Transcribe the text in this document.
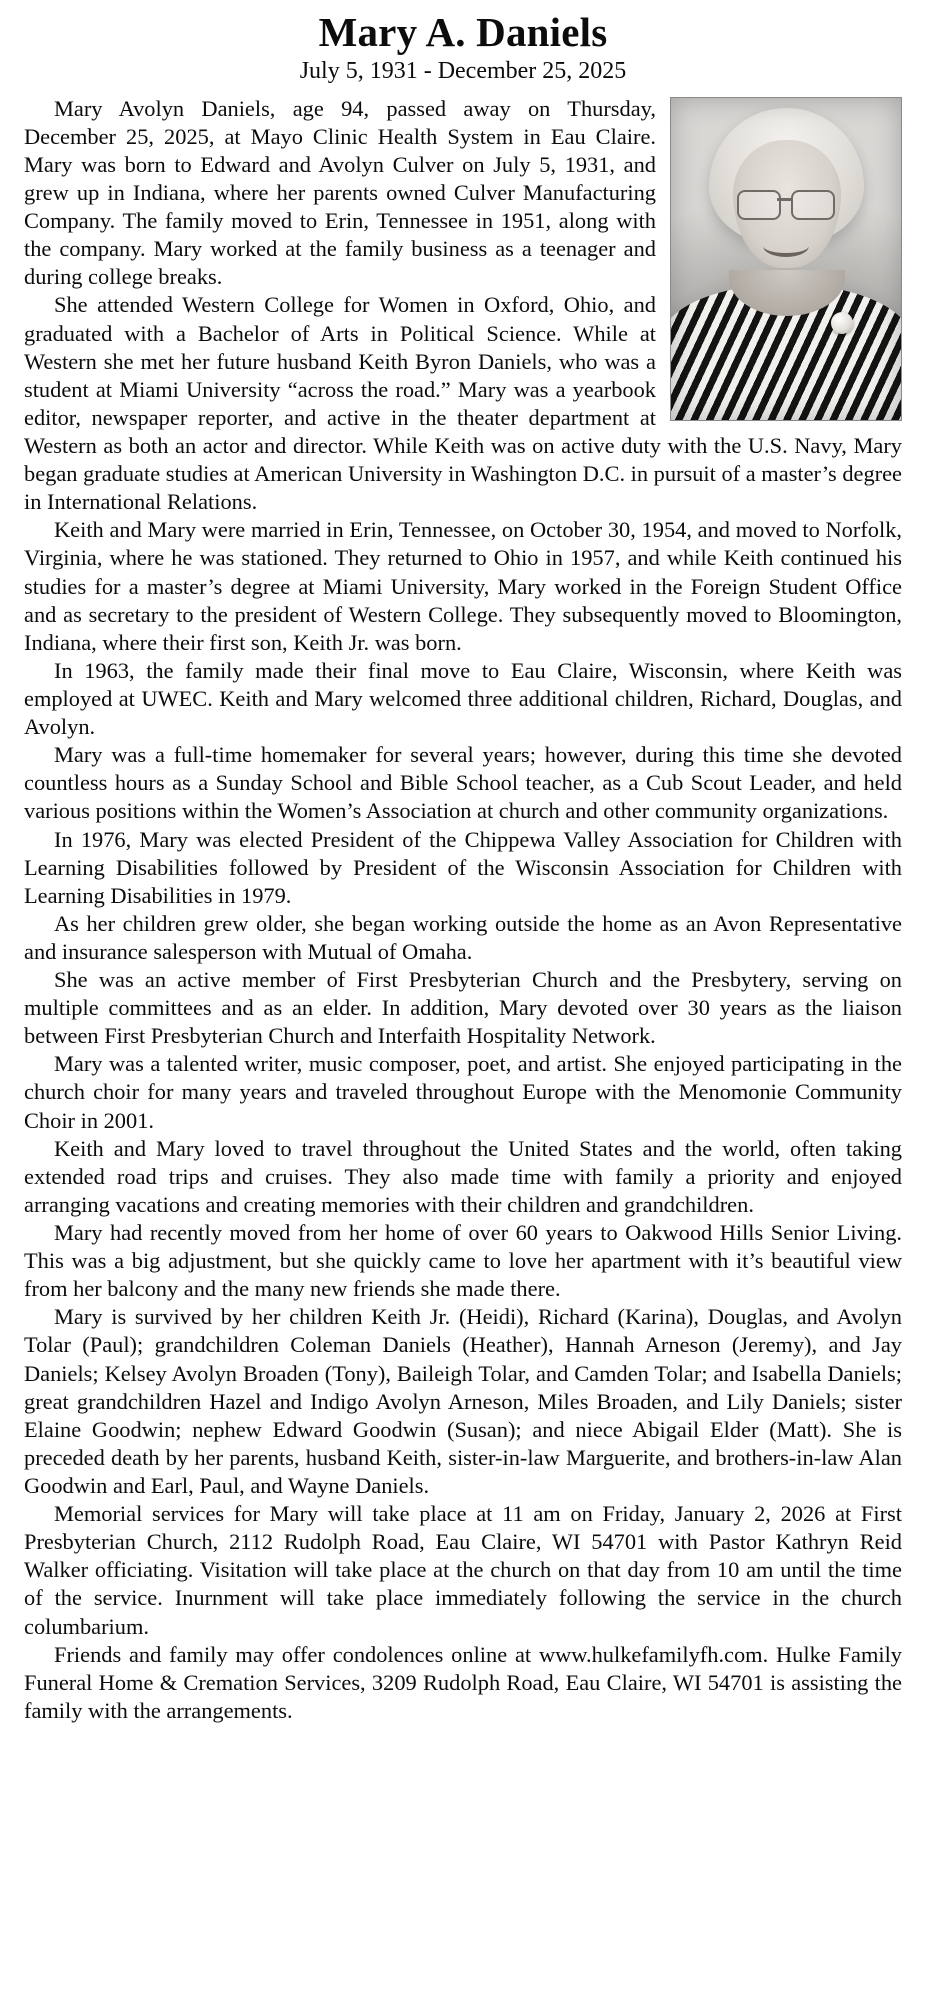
Mary A. Daniels
July 5, 1931 - December 25, 2025

Mary Avolyn Daniels, age 94, passed away on Thursday, December 25, 2025, at Mayo Clinic Health System in Eau Claire. Mary was born to Edward and Avolyn Culver on July 5, 1931, and grew up in Indiana, where her parents owned Culver Manufacturing Company. The family moved to Erin, Tennessee in 1951, along with the company. Mary worked at the family business as a teenager and during college breaks.

She attended Western College for Women in Oxford, Ohio, and graduated with a Bachelor of Arts in Political Science. While at Western she met her future husband Keith Byron Daniels, who was a student at Miami University “across the road.” Mary was a yearbook editor, newspaper reporter, and active in the theater department at Western as both an actor and director. While Keith was on active duty with the U.S. Navy, Mary began graduate studies at American University in Washington D.C. in pursuit of a master’s degree in International Relations.

Keith and Mary were married in Erin, Tennessee, on October 30, 1954, and moved to Norfolk, Virginia, where he was stationed. They returned to Ohio in 1957, and while Keith continued his studies for a master’s degree at Miami University, Mary worked in the Foreign Student Office and as secretary to the president of Western College. They subsequently moved to Bloomington, Indiana, where their first son, Keith Jr. was born.

In 1963, the family made their final move to Eau Claire, Wisconsin, where Keith was employed at UWEC. Keith and Mary welcomed three additional children, Richard, Douglas, and Avolyn.

Mary was a full-time homemaker for several years; however, during this time she devoted countless hours as a Sunday School and Bible School teacher, as a Cub Scout Leader, and held various positions within the Women’s Association at church and other community organizations.

In 1976, Mary was elected President of the Chippewa Valley Association for Children with Learning Disabilities followed by President of the Wisconsin Association for Children with Learning Disabilities in 1979.

As her children grew older, she began working outside the home as an Avon Representative and insurance salesperson with Mutual of Omaha.

She was an active member of First Presbyterian Church and the Presbytery, serving on multiple committees and as an elder. In addition, Mary devoted over 30 years as the liaison between First Presbyterian Church and Interfaith Hospitality Network.

Mary was a talented writer, music composer, poet, and artist. She enjoyed participating in the church choir for many years and traveled throughout Europe with the Menomonie Community Choir in 2001.

Keith and Mary loved to travel throughout the United States and the world, often taking extended road trips and cruises. They also made time with family a priority and enjoyed arranging vacations and creating memories with their children and grandchildren.

Mary had recently moved from her home of over 60 years to Oakwood Hills Senior Living. This was a big adjustment, but she quickly came to love her apartment with it’s beautiful view from her balcony and the many new friends she made there.

Mary is survived by her children Keith Jr. (Heidi), Richard (Karina), Douglas, and Avolyn Tolar (Paul); grandchildren Coleman Daniels (Heather), Hannah Arneson (Jeremy), and Jay Daniels; Kelsey Avolyn Broaden (Tony), Baileigh Tolar, and Camden Tolar; and Isabella Daniels; great grandchildren Hazel and Indigo Avolyn Arneson, Miles Broaden, and Lily Daniels; sister Elaine Goodwin; nephew Edward Goodwin (Susan); and niece Abigail Elder (Matt). She is preceded death by her parents, husband Keith, sister-in-law Marguerite, and brothers-in-law Alan Goodwin and Earl, Paul, and Wayne Daniels.

Memorial services for Mary will take place at 11 am on Friday, January 2, 2026 at First Presbyterian Church, 2112 Rudolph Road, Eau Claire, WI 54701 with Pastor Kathryn Reid Walker officiating. Visitation will take place at the church on that day from 10 am until the time of the service. Inurnment will take place immediately following the service in the church columbarium.

Friends and family may offer condolences online at www.hulkefamilyfh.com. Hulke Family Funeral Home & Cremation Services, 3209 Rudolph Road, Eau Claire, WI 54701 is assisting the family with the arrangements.
